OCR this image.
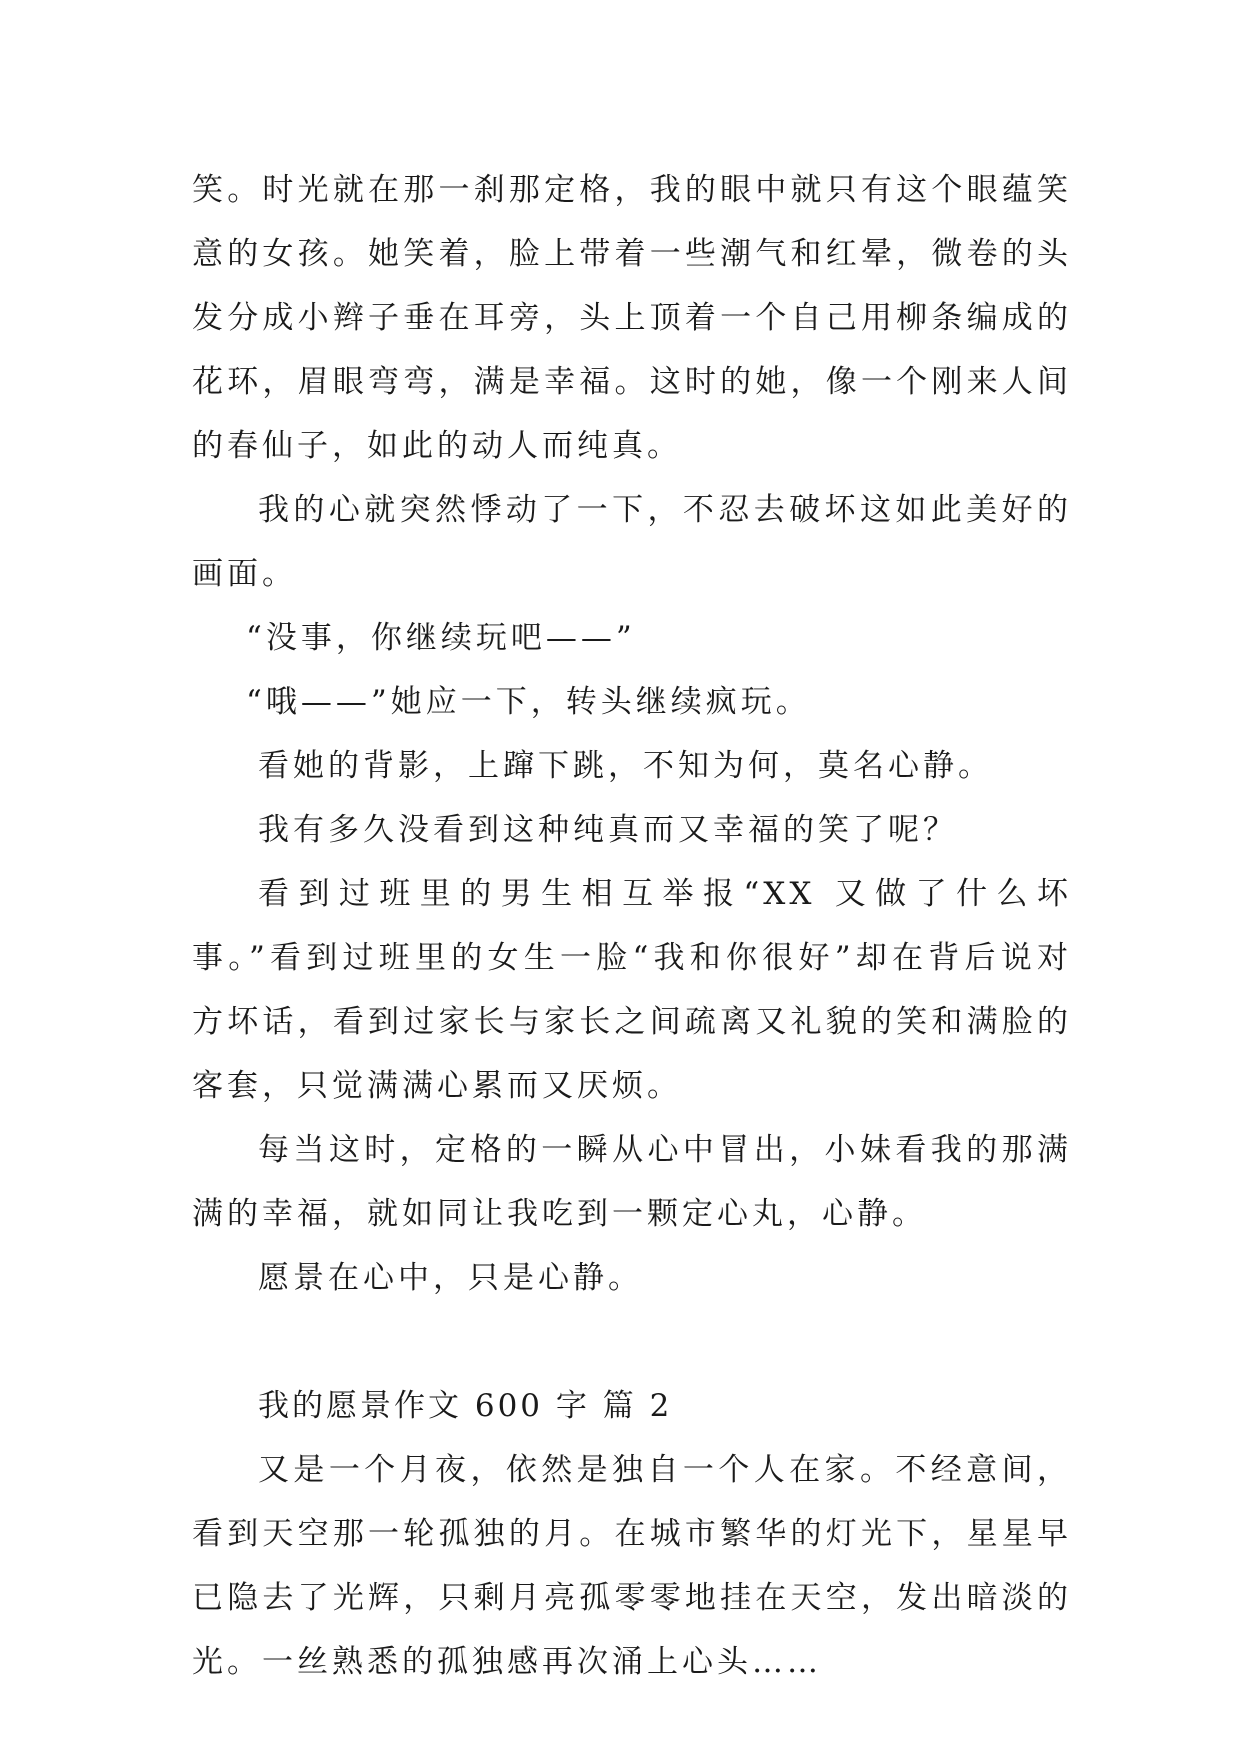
笑。时光就在那一刹那定格，我的眼中就只有这个眼蕴笑意的女孩。她笑着，脸上带着一些潮气和红晕，微卷的头发分成小辫子垂在耳旁，头上顶着一个自己用柳条编成的花环，眉眼弯弯，满是幸福。这时的她，像一个刚来人间的春仙子，如此的动人而纯真。

我的心就突然悸动了一下，不忍去破坏这如此美好的画面。

“没事，你继续玩吧——”

“哦——”她应一下，转头继续疯玩。

看她的背影，上蹿下跳，不知为何，莫名心静。

我有多久没看到这种纯真而又幸福的笑了呢？

看到过班里的男生相互举报“XX 又做了什么坏事。”看到过班里的女生一脸“我和你很好”却在背后说对方坏话，看到过家长与家长之间疏离又礼貌的笑和满脸的客套，只觉满满心累而又厌烦。

每当这时，定格的一瞬从心中冒出，小妹看我的那满满的幸福，就如同让我吃到一颗定心丸，心静。

愿景在心中，只是心静。

我的愿景作文 600 字 篇 2

又是一个月夜，依然是独自一个人在家。不经意间，看到天空那一轮孤独的月。在城市繁华的灯光下，星星早已隐去了光辉，只剩月亮孤零零地挂在天空，发出暗淡的光。一丝熟悉的孤独感再次涌上心头……
